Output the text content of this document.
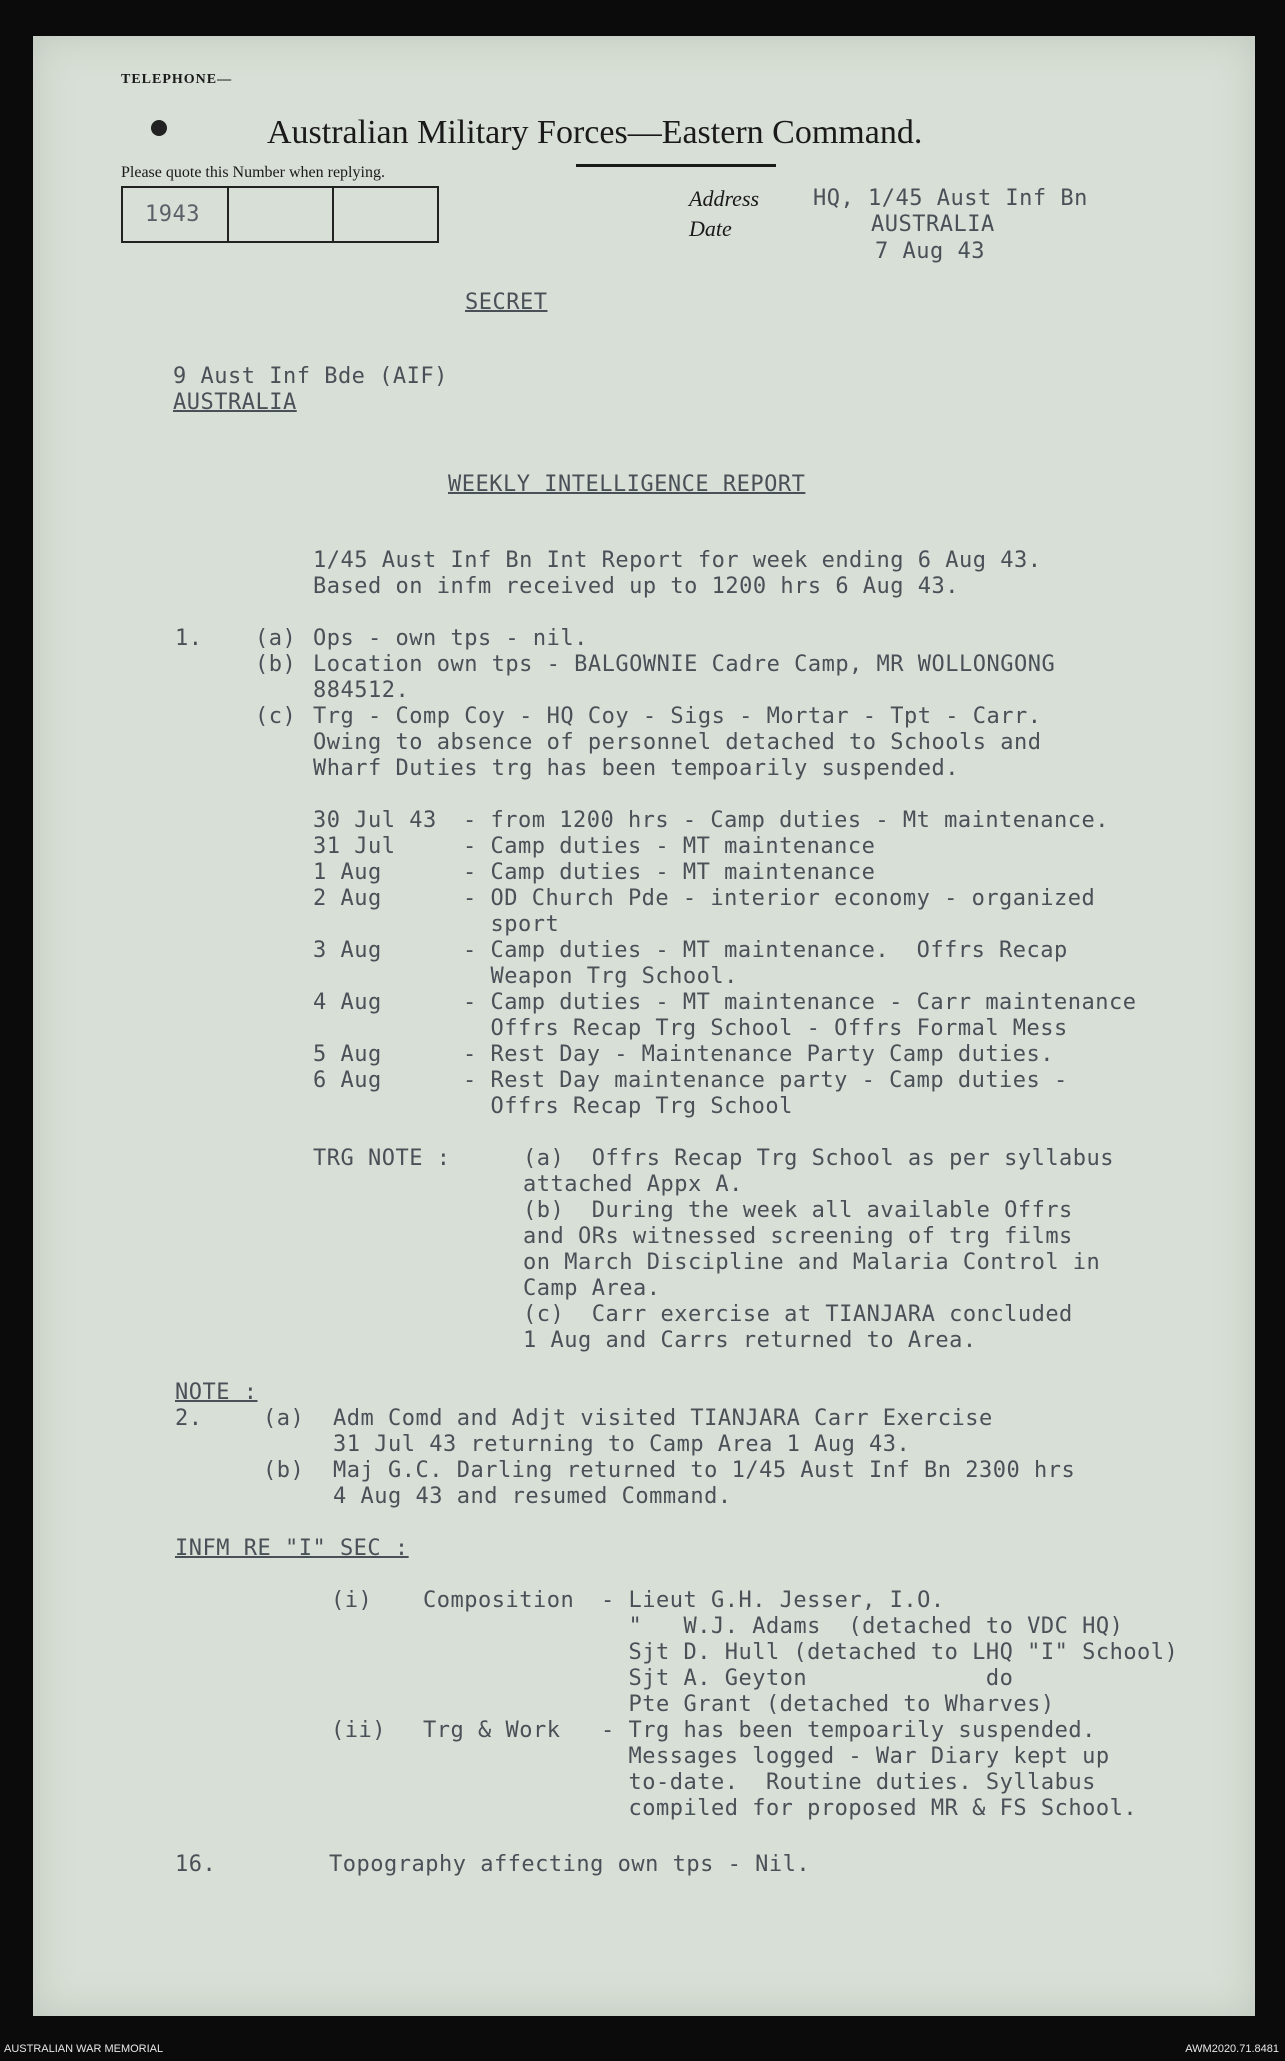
TELEPHONE—
Australian Military Forces—Eastern Command.
Please quote this Number when replying.
1943
Address
Date
HQ, 1/45 Aust Inf Bn
AUSTRALIA
7 Aug 43
SECRET
9 Aust Inf Bde (AIF)
AUSTRALIA
WEEKLY INTELLIGENCE REPORT
1/45 Aust Inf Bn Int Report for week ending 6 Aug 43.
Based on infm received up to 1200 hrs 6 Aug 43.
1. (a) Ops - own tps - nil.
(b) Location own tps - BALGOWNIE Cadre Camp, MR WOLLONGONG
884512.
(c) Trg - Comp Coy - HQ Coy - Sigs - Mortar - Tpt - Carr.
Owing to absence of personnel detached to Schools and
Wharf Duties trg has been tempoarily suspended.
30 Jul 43 - from 1200 hrs - Camp duties - Mt maintenance.
31 Jul	- Camp duties - MT maintenance
1 Aug	- Camp duties - MT maintenance
2 Aug	- OD Church Pde - interior economy - organized
sport
3 Aug	- Camp duties - MT maintenance.  Offrs Recap
Weapon Trg School.
4 Aug	- Camp duties - MT maintenance - Carr maintenance
Offrs Recap Trg School - Offrs Formal Mess
5 Aug	- Rest Day - Maintenance Party Camp duties.
6 Aug	- Rest Day maintenance party - Camp duties -
Offrs Recap Trg School
TRG NOTE :	(a)  Offrs Recap Trg School as per syllabus
attached Appx A.
(b)  During the week all available Offrs
and ORs witnessed screening of trg films
on March Discipline and Malaria Control in
Camp Area.
(c)  Carr exercise at TIANJARA concluded
1 Aug and Carrs returned to Area.
NOTE :
2.	(a) Adm Comd and Adjt visited TIANJARA Carr Exercise
31 Jul 43 returning to Camp Area 1 Aug 43.
(b) Maj G.C. Darling returned to 1/45 Aust Inf Bn 2300 hrs
4 Aug 43 and resumed Command.
INFM RE "I" SEC :
(i) Composition - Lieut G.H. Jesser, I.O.
"   W.J. Adams  (detached to VDC HQ)
Sjt D. Hull (detached to LHQ "I" School)
Sjt A. Geyton             do
Pte Grant (detached to Wharves)
(ii) Trg & Work - Trg has been tempoarily suspended.
Messages logged - War Diary kept up
to-date.  Routine duties. Syllabus
compiled for proposed MR & FS School.
16.	Topography affecting own tps - Nil.
AUSTRALIAN WAR MEMORIAL	AWM2020.71.8481
